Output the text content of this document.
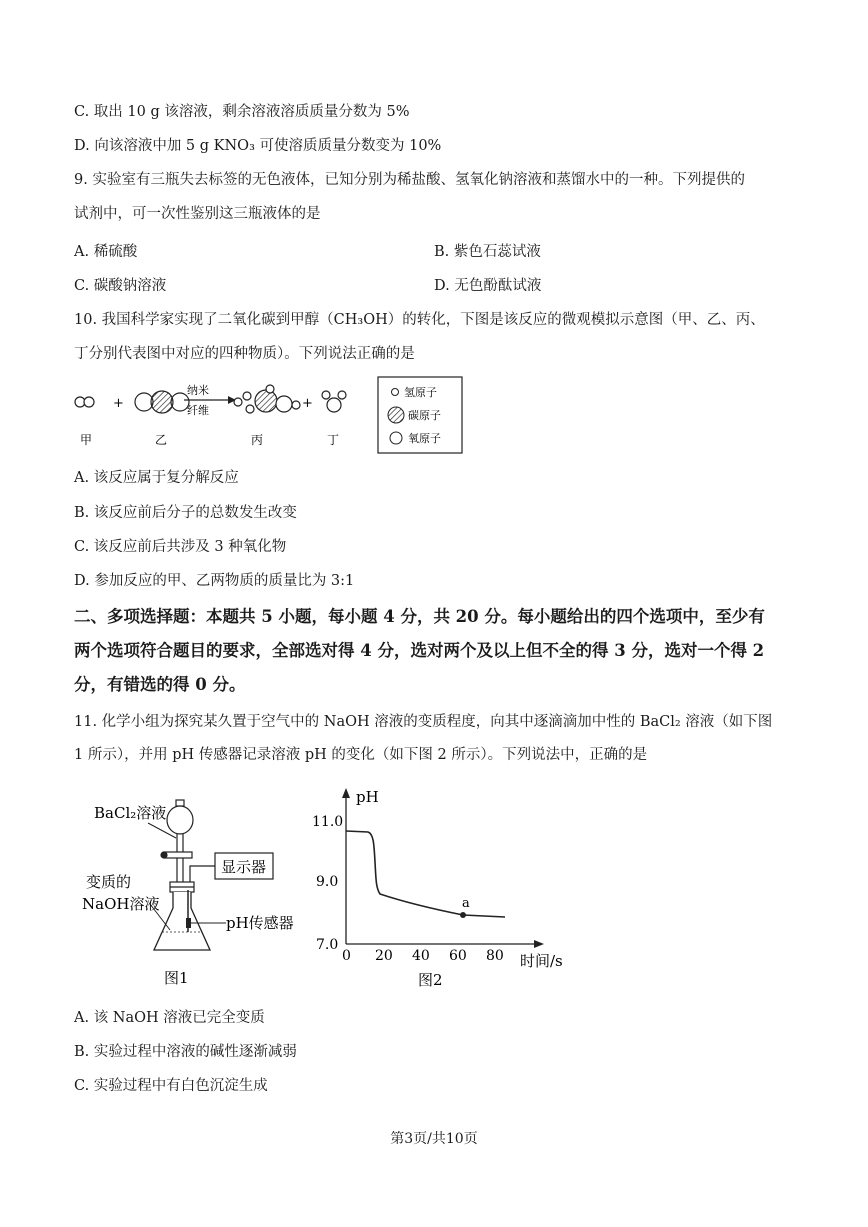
C. 取出 10 g 该溶液，剩余溶液溶质质量分数为 5%
D. 向该溶液中加 5 g KNO₃ 可使溶质质量分数变为 10%
9. 实验室有三瓶失去标签的无色液体，已知分别为稀盐酸、氢氧化钠溶液和蒸馏水中的一种。下列提供的
试剂中，可一次性鉴别这三瓶液体的是
A. 稀硫酸	B. 紫色石蕊试液
C. 碳酸钠溶液	D. 无色酚酞试液
10. 我国科学家实现了二氧化碳到甲醇（CH₃OH）的转化，下图是该反应的微观模拟示意图（甲、乙、丙、
丁分别代表图中对应的四种物质）。下列说法正确的是
+
纳米
纤维	+
甲	乙	丙	丁
氢原子
碳原子
氧原子
A. 该反应属于复分解反应
B. 该反应前后分子的总数发生改变
C. 该反应前后共涉及 3 种氧化物
D. 参加反应的甲、乙两物质的质量比为 3:1
二、多项选择题：本题共 5 小题，每小题 4 分，共 20 分。每小题给出的四个选项中，至少有
两个选项符合题目的要求，全部选对得 4 分，选对两个及以上但不全的得 3 分，选对一个得 2
分，有错选的得 0 分。
11. 化学小组为探究某久置于空气中的 NaOH 溶液的变质程度，向其中逐滴滴加中性的 BaCl₂ 溶液（如下图
1 所示），并用 pH 传感器记录溶液 pH 的变化（如下图 2 所示）。下列说法中，正确的是
BaCl₂溶液
显示器
pH传感器
变质的
NaOH溶液
图1
pH
时间/s
11.0
9.0
7.0
0 20 40 60 80
a
图2
A. 该 NaOH 溶液已完全变质
B. 实验过程中溶液的碱性逐渐减弱
C. 实验过程中有白色沉淀生成
第3页/共10页
